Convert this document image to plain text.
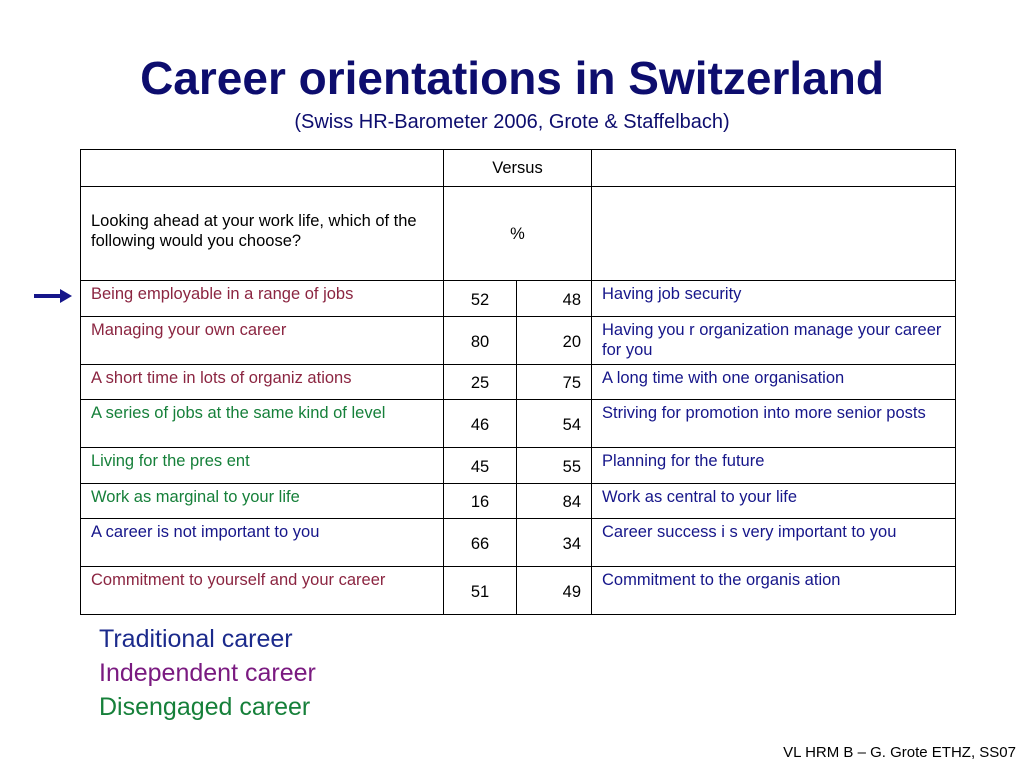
Career orientations in Switzerland
(Swiss HR-Barometer 2006, Grote & Staffelbach)
	Versus		
Looking ahead at your work life, which of the following would you choose?	%		
Being employable in a range of jobs	52	48	Having job security
Managing your own career	80	20	Having you r organization manage your career for you
A short time in lots of organiz ations	25	75	A long time with one organisation
A series of jobs at the same kind of level	46	54	Striving for promotion into more senior posts
Living for the pres ent	45	55	Planning for the future
Work as marginal to your life	16	84	Work as central to your life
A career is not important to you	66	34	Career success i s very important to you
Commitment to yourself and your career	51	49	Commitment to the organis ation
Traditional career
Independent career
Disengaged career
VL HRM B – G. Grote ETHZ, SS07
